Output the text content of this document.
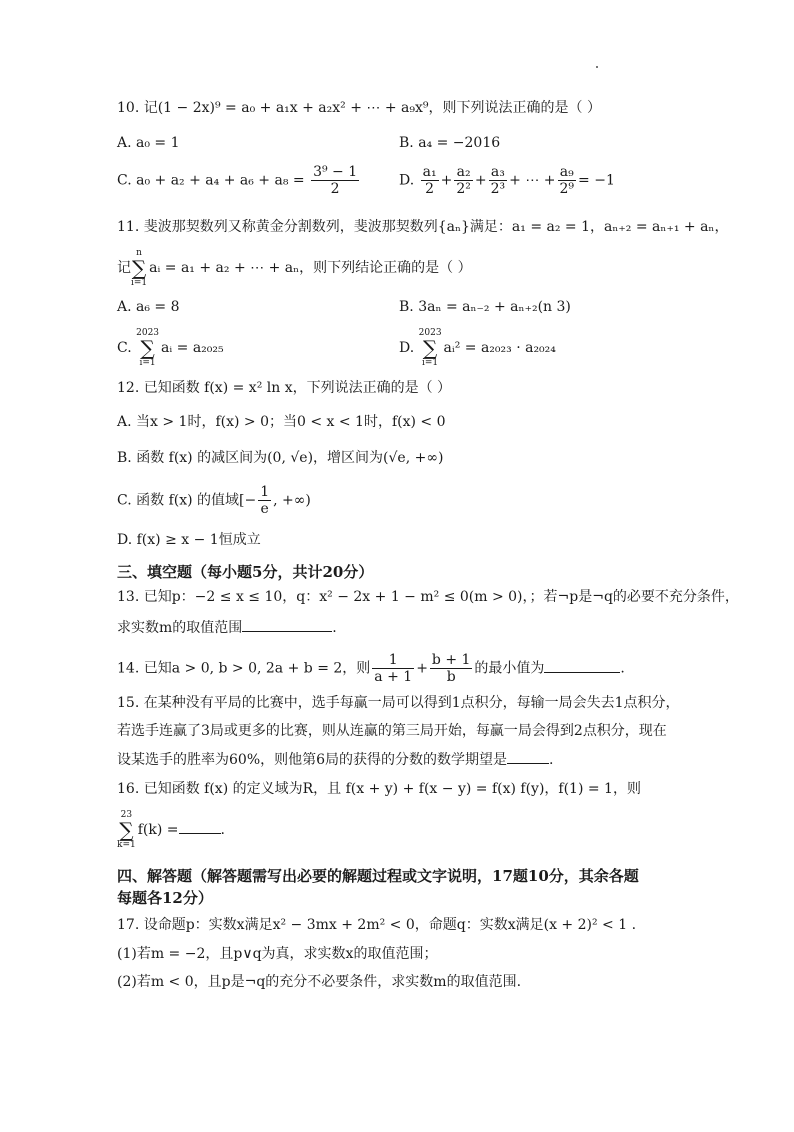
10. 记(1 − 2x)⁹ = a₀ + a₁x + a₂x² + ⋯ + a₉x⁹，则下列说法正确的是（ ）
A. a₀ = 1	B. a₄ = −2016
C. $a_0 + a_2 + a_4 + a_6 + a_8 = \frac{\text{3⁹ − 1}}{2}$	D. $\frac{\text{a₁}}{2} + \frac{\text{a₂}}{\text{2²}} + \frac{\text{a₃}}{\text{2³}}$ + ⋯ + $\frac{\text{a₉}}{\text{2⁹}} = -1$
11. 斐波那契数列又称黄金分割数列，斐波那契数列{aₙ}满足：a₁ = a₂ = 1，aₙ₊₂ = aₙ₊₁ + aₙ，
记
n
∑
i=1
aᵢ = a₁ + a₂ + ⋯ + aₙ，则下列结论正确的是（ ）
A. a₆ = 8	B. 3aₙ = aₙ₋₂ + aₙ₊₂(n 3)
C.
2023
∑
i=1
aᵢ = a₂₀₂₅	D.
2023
∑
i=1
aᵢ² = a₂₀₂₃ · a₂₀₂₄
12. 已知函数 f(x) = x² ln x，下列说法正确的是（ ）
A. 当x > 1时，f(x) > 0；当0 < x < 1时，f(x) < 0
B. 函数 f(x) 的减区间为(0, √e)，增区间为(√e, +∞)
C. 函数 f(x) 的值域[− $\frac{1}{e}$ , +∞)
D. f(x) ≥ x − 1恒成立
三、填空题（每小题5分，共计20分）
13. 已知p：−2 ≤ x ≤ 10，q：x² − 2x + 1 − m² ≤ 0(m > 0)，；若¬p是¬q的必要不充分条件，
求实数m的取值范围	.
14. 已知a > 0, b > 0, 2a + b = 2，则 $\frac{1}{a + 1} + \frac{b + 1}{b}$ 的最小值为	.
15. 在某种没有平局的比赛中，选手每赢一局可以得到1点积分，每输一局会失去1点积分，
若选手连赢了3局或更多的比赛，则从连赢的第三局开始，每赢一局会得到2点积分，现在
设某选手的胜率为60%，则他第6局的获得的分数的数学期望是	.
16. 已知函数 f(x) 的定义域为R，且 f(x + y) + f(x − y) = f(x) f(y)，f(1) = 1，则
23
∑
k=1
f(k) =	.
四、解答题（解答题需写出必要的解题过程或文字说明，17题10分，其余各题
每题各12分）
17. 设命题p：实数x满足x² − 3mx + 2m² < 0，命题q：实数x满足(x + 2)² < 1 .
(1)若m = −2，且p∨q为真，求实数x的取值范围；
(2)若m < 0，且p是¬q的充分不必要条件，求实数m的取值范围.
